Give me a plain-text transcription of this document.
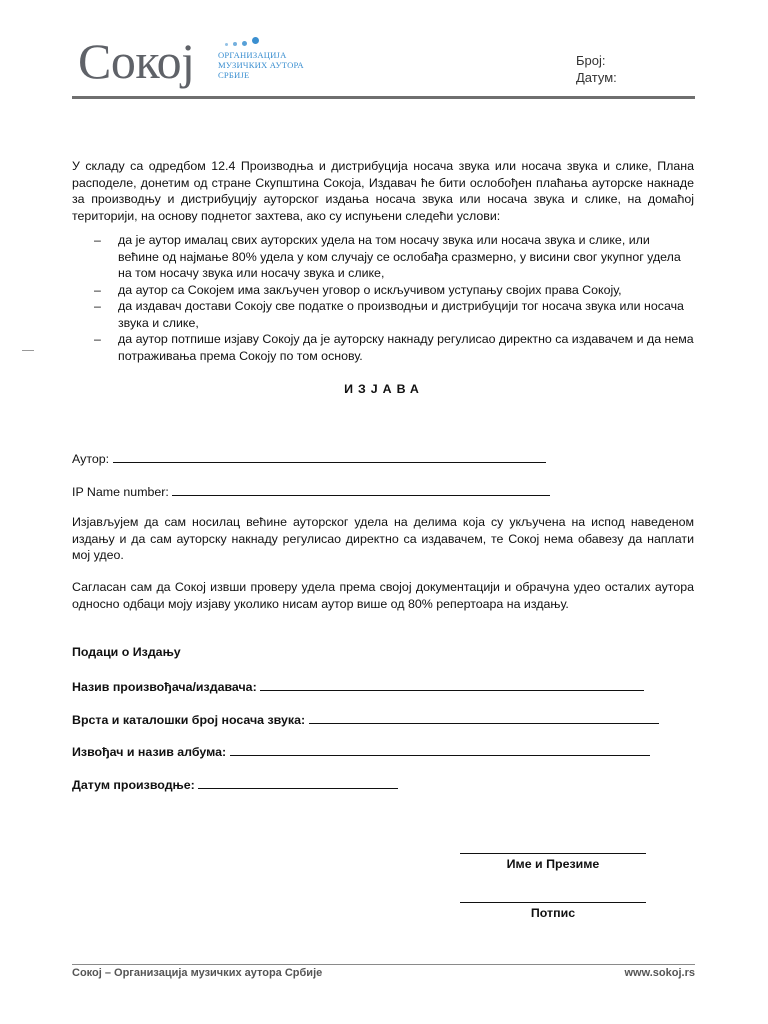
Сокој	ОРГАНИЗАЦИЈА
МУЗИЧКИХ АУТОРА
СРБИЈЕ
Број:
Датум:

У складу са одредбом 12.4 Производња и дистрибуција носача звука или носача звука и слике, Плана расподеле, донетим од стране Скупштина Сокоја, Издавач ће бити ослобођен плаћања ауторске накнаде за производњу и дистрибуцију ауторског издања носача звука или носача звука и слике, на домаћој територији, на основу поднетог захтева, ако су испуњени следећи услови:

– да је аутор ималац свих ауторских удела на том носачу звука или носача звука и слике, или већине од најмање 80% удела у ком случају се ослобађа сразмерно, у висини свог укупног удела на том носачу звука или носачу звука и слике,
– да аутор са Сокојем има закључен уговор о искључивом уступању својих права Сокоју,
– да издавач достави Сокоју све податке о производњи и дистрибуцији тог носача звука или носача звука и слике,
– да аутор потпише изјаву Сокоју да је ауторску накнаду регулисао директно са издавачем и да нема потраживања према Сокоју по том основу.
ИЗЈАВА
Аутор:
IP Name number:

Изјављујем да сам носилац већине ауторског удела на делима која су укључена на испод наведеном издању и да сам ауторску накнаду регулисао директно са издавачем, те Сокој нема обавезу да наплати мој удео.

Сагласан сам да Сокој извши проверу удела према својој документацији и обрачуна удео осталих аутора односно одбаци моју изјаву уколико нисам аутор више од 80% репертоара на издању.

Подаци о Издању
Назив произвођача/издавача:
Врста и каталошки број носача звука:
Извођач и назив албума:
Датум производње:
Име и Презиме
Потпис
Сокој – Организација музичких аутора Србије	www.sokoj.rs
